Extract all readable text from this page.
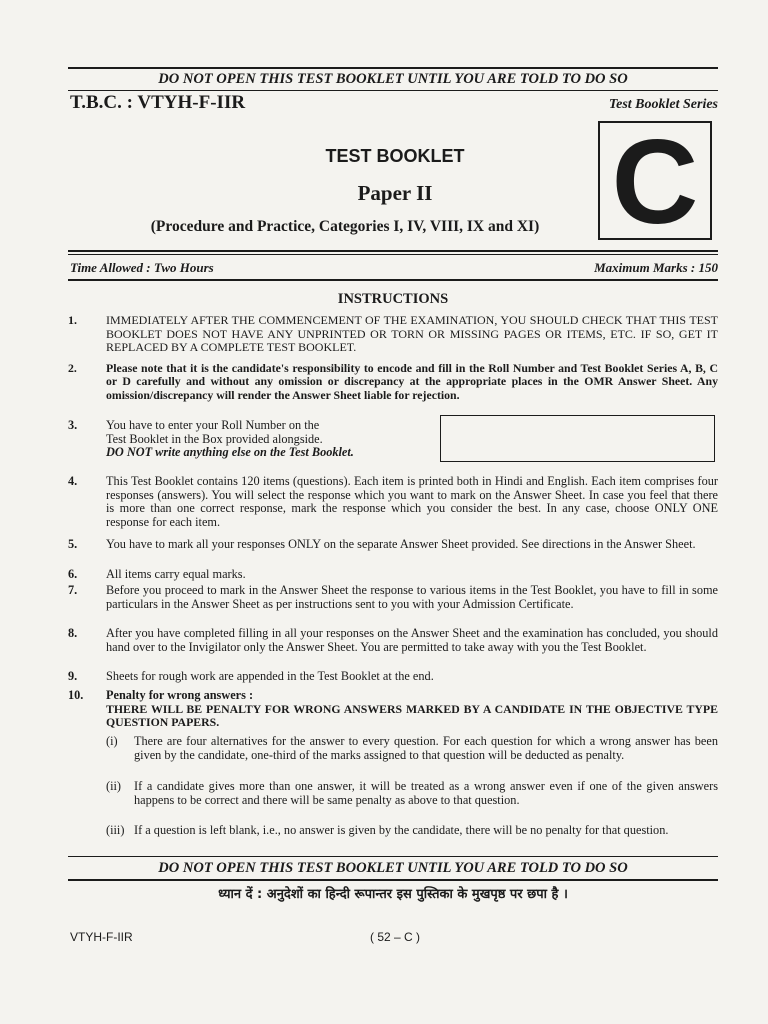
DO NOT OPEN THIS TEST BOOKLET UNTIL YOU ARE TOLD TO DO SO
T.B.C. : VTYH-F-IIR	Test Booklet Series
C
TEST BOOKLET
Paper II
(Procedure and Practice, Categories I, IV, VIII, IX and XI)
Time Allowed : Two Hours	Maximum Marks : 150
INSTRUCTIONS
1.	IMMEDIATELY AFTER THE COMMENCEMENT OF THE EXAMINATION, YOU SHOULD CHECK THAT THIS TEST BOOKLET DOES NOT HAVE ANY UNPRINTED OR TORN OR MISSING PAGES OR ITEMS, ETC. IF SO, GET IT REPLACED BY A COMPLETE TEST BOOKLET.
2.	Please note that it is the candidate's responsibility to encode and fill in the Roll Number and Test Booklet Series A, B, C or D carefully and without any omission or discrepancy at the appropriate places in the OMR Answer Sheet. Any omission/discrepancy will render the Answer Sheet liable for rejection.
3.	You have to enter your Roll Number on the
Test Booklet in the Box provided alongside.
DO NOT write anything else on the Test Booklet.
4.	This Test Booklet contains 120 items (questions). Each item is printed both in Hindi and English. Each item comprises four responses (answers). You will select the response which you want to mark on the Answer Sheet. In case you feel that there is more than one correct response, mark the response which you consider the best. In any case, choose ONLY ONE response for each item.
5.	You have to mark all your responses ONLY on the separate Answer Sheet provided. See directions in the Answer Sheet.
6.	All items carry equal marks.
7.	Before you proceed to mark in the Answer Sheet the response to various items in the Test Booklet, you have to fill in some particulars in the Answer Sheet as per instructions sent to you with your Admission Certificate.
8.	After you have completed filling in all your responses on the Answer Sheet and the examination has concluded, you should hand over to the Invigilator only the Answer Sheet. You are permitted to take away with you the Test Booklet.
9.	Sheets for rough work are appended in the Test Booklet at the end.
10.	Penalty for wrong answers :
THERE WILL BE PENALTY FOR WRONG ANSWERS MARKED BY A CANDIDATE IN THE OBJECTIVE TYPE QUESTION PAPERS.
(i)	There are four alternatives for the answer to every question. For each question for which a wrong answer has been given by the candidate, one-third of the marks assigned to that question will be deducted as penalty.
(ii)	If a candidate gives more than one answer, it will be treated as a wrong answer even if one of the given answers happens to be correct and there will be same penalty as above to that question.
(iii) If a question is left blank, i.e., no answer is given by the candidate, there will be no penalty for that question.
DO NOT OPEN THIS TEST BOOKLET UNTIL YOU ARE TOLD TO DO SO
ध्यान दें : अनुदेशों का हिन्दी रूपान्तर इस पुस्तिका के मुखपृष्ठ पर छपा है ।
VTYH-F-IIR	( 52 – C )
